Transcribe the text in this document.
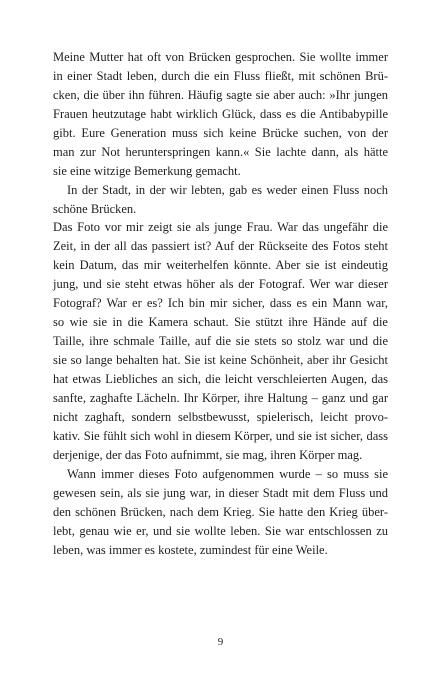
Meine Mutter hat oft von Brücken gesprochen. Sie wollte immer
in einer Stadt leben, durch die ein Fluss fließt, mit schönen Brü-
cken, die über ihn führen. Häufig sagte sie aber auch: »Ihr jungen
Frauen heutzutage habt wirklich Glück, dass es die Antibabypille
gibt. Eure Generation muss sich keine Brücke suchen, von der
man zur Not herunterspringen kann.« Sie lachte dann, als hätte
sie eine witzige Bemerkung gemacht.
In der Stadt, in der wir lebten, gab es weder einen Fluss noch
schöne Brücken.
Das Foto vor mir zeigt sie als junge Frau. War das ungefähr die
Zeit, in der all das passiert ist? Auf der Rückseite des Fotos steht
kein Datum, das mir weiterhelfen könnte. Aber sie ist eindeutig
jung, und sie steht etwas höher als der Fotograf. Wer war dieser
Fotograf? War er es? Ich bin mir sicher, dass es ein Mann war,
so wie sie in die Kamera schaut. Sie stützt ihre Hände auf die
Taille, ihre schmale Taille, auf die sie stets so stolz war und die
sie so lange behalten hat. Sie ist keine Schönheit, aber ihr Gesicht
hat etwas Liebliches an sich, die leicht verschleierten Augen, das
sanfte, zaghafte Lächeln. Ihr Körper, ihre Haltung – ganz und gar
nicht zaghaft, sondern selbstbewusst, spielerisch, leicht provo-
kativ. Sie fühlt sich wohl in diesem Körper, und sie ist sicher, dass
derjenige, der das Foto aufnimmt, sie mag, ihren Körper mag.
Wann immer dieses Foto aufgenommen wurde – so muss sie
gewesen sein, als sie jung war, in dieser Stadt mit dem Fluss und
den schönen Brücken, nach dem Krieg. Sie hatte den Krieg über-
lebt, genau wie er, und sie wollte leben. Sie war entschlossen zu
leben, was immer es kostete, zumindest für eine Weile.
9
